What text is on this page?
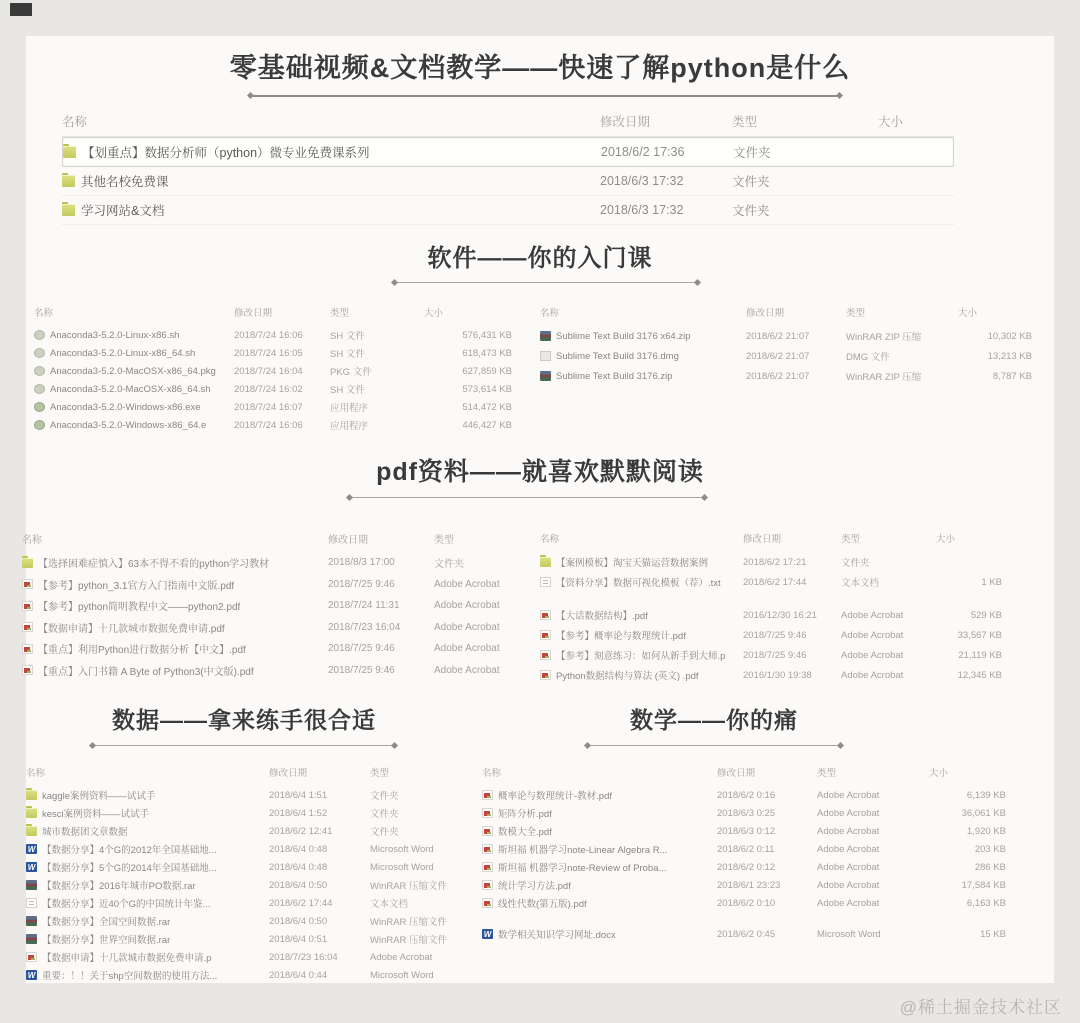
零基础视频&文档教学——快速了解python是什么
名称	修改日期	类型	大小
【划重点】数据分析师（python）微专业免费课系列	2018/6/2 17:36	文件夹
其他名校免费课	2018/6/3 17:32	文件夹
学习网站&文档	2018/6/3 17:32	文件夹
软件——你的入门课
名称	修改日期	类型	大小
Anaconda3-5.2.0-Linux-x86.sh	2018/7/24 16:06	SH 文件	576,431 KB
Anaconda3-5.2.0-Linux-x86_64.sh	2018/7/24 16:05	SH 文件	618,473 KB
Anaconda3-5.2.0-MacOSX-x86_64.pkg 2018/7/24 16:04	PKG 文件	627,859 KB
Anaconda3-5.2.0-MacOSX-x86_64.sh 2018/7/24 16:02	SH 文件	573,614 KB
Anaconda3-5.2.0-Windows-x86.exe	2018/7/24 16:07	应用程序	514,472 KB
Anaconda3-5.2.0-Windows-x86_64.e	2018/7/24 16:06	应用程序	446,427 KB
名称	修改日期	类型	大小
Sublime Text Build 3176 x64.zip	2018/6/2 21:07	WinRAR ZIP 压缩	10,302 KB
Sublime Text Build 3176.dmg	2018/6/2 21:07	DMG 文件	13,213 KB
Sublime Text Build 3176.zip	2018/6/2 21:07	WinRAR ZIP 压缩	8,787 KB
pdf资料——就喜欢默默阅读
名称	修改日期	类型
【选择困难症慎入】63本不得不看的python学习教材	2018/8/3 17:00	文件夹
【参考】python_3.1官方入门指南中文版.pdf	2018/7/25 9:46	Adobe Acrobat
【参考】python简明教程中文——python2.pdf	2018/7/24 11:31	Adobe Acrobat
【数据申请】十几款城市数据免费申请.pdf	2018/7/23 16:04	Adobe Acrobat
【重点】利用Python进行数据分析【中文】.pdf	2018/7/25 9:46	Adobe Acrobat
【重点】入门书籍 A Byte of Python3(中文版).pdf	2018/7/25 9:46	Adobe Acrobat
名称	修改日期	类型	大小
【案例模板】淘宝天猫运营数据案例	2018/6/2 17:21	文件夹
【资料分享】数据可视化模板（荐）.txt 2018/6/2 17:44	文本文档	1 KB
【大话数据结构】.pdf	2016/12/30 16:21	Adobe Acrobat	529 KB
【参考】概率论与数理统计.pdf	2018/7/25 9:46	Adobe Acrobat	33,567 KB
【参考】刻意练习：如何从新手到大师.p 2018/7/25 9:46	Adobe Acrobat	21,119 KB
Python数据结构与算法 (英文) .pdf	2016/1/30 19:38	Adobe Acrobat	12,345 KB
数据——拿来练手很合适
名称	修改日期	类型
kaggle案例资料——试试手	2018/6/4 1:51	文件夹
kesci案例资料——试试手	2018/6/4 1:52	文件夹
城市数据团文章数据	2018/6/2 12:41	文件夹
W
【数据分享】4个G的2012年全国基础地...	2018/6/4 0:48	Microsoft Word
W
【数据分享】5个G的2014年全国基础地...	2018/6/4 0:48	Microsoft Word
【数据分享】2016年城市PO数据.rar	2018/6/4 0:50	WinRAR 压缩文件
【数据分享】近40个G的中国统计年鉴...	2018/6/2 17:44	文本文档
【数据分享】全国空间数据.rar	2018/6/4 0:50	WinRAR 压缩文件
【数据分享】世界空间数据.rar	2018/6/4 0:51	WinRAR 压缩文件
【数据申请】十几款城市数据免费申请.p	2018/7/23 16:04	Adobe Acrobat
W
重要：！！关于shp空间数据的使用方法...	2018/6/4 0:44	Microsoft Word
数学——你的痛
名称	修改日期	类型	大小
概率论与数理统计-教材.pdf	2018/6/2 0:16	Adobe Acrobat	6,139 KB
矩阵分析.pdf	2018/6/3 0:25	Adobe Acrobat	36,061 KB
数模大全.pdf	2018/6/3 0:12	Adobe Acrobat	1,920 KB
斯坦福 机器学习note-Linear Algebra R...	2018/6/2 0:11	Adobe Acrobat	203 KB
斯坦福 机器学习note-Review of Proba...	2018/6/2 0:12	Adobe Acrobat	286 KB
统计学习方法.pdf	2018/6/1 23:23	Adobe Acrobat	17,584 KB
线性代数(第五版).pdf	2018/6/2 0:10	Adobe Acrobat	6,163 KB
W
数学相关知识学习网址.docx	2018/6/2 0:45	Microsoft Word	15 KB
@稀土掘金技术社区
